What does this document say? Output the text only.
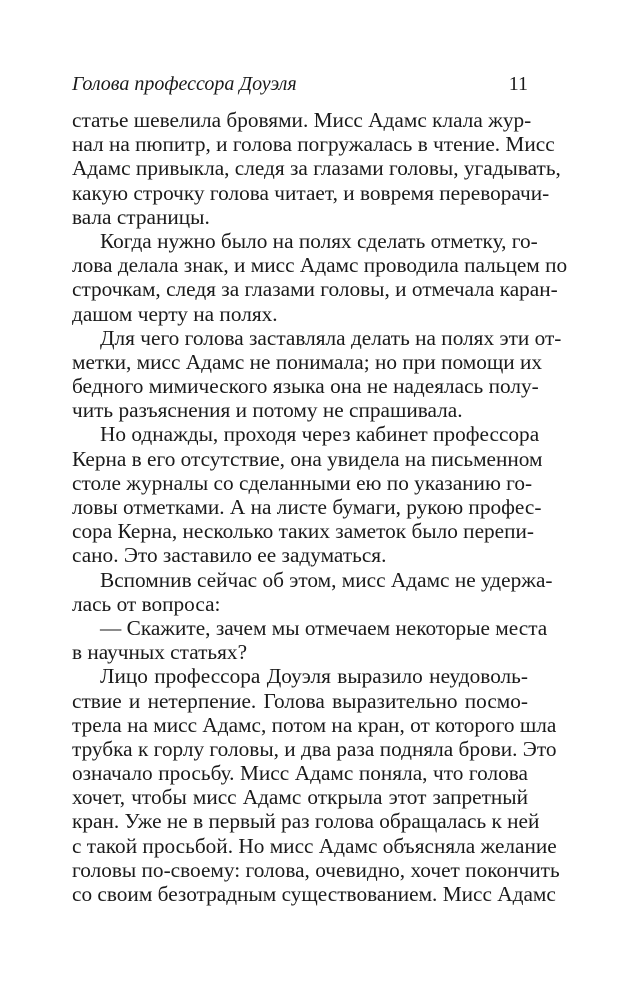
Голова профессора Доуэля	11
статье шевелила бровями. Мисс Адамс клала жур-
нал на пюпитр, и голова погружалась в чтение. Мисс
Адамс привыкла, следя за глазами головы, угадывать,
какую строчку голова читает, и вовремя переворачи-
вала страницы.
Когда нужно было на полях сделать отметку, го-
лова делала знак, и мисс Адамс проводила пальцем по
строчкам, следя за глазами головы, и отмечала каран-
дашом черту на полях.
Для чего голова заставляла делать на полях эти от-
метки, мисс Адамс не понимала; но при помощи их
бедного мимического языка она не надеялась полу-
чить разъяснения и потому не спрашивала.
Но однажды, проходя через кабинет профессора
Керна в его отсутствие, она увидела на письменном
столе журналы со сделанными ею по указанию го-
ловы отметками. А на листе бумаги, рукою профес-
сора Керна, несколько таких заметок было перепи-
сано. Это заставило ее задуматься.
Вспомнив сейчас об этом, мисс Адамс не удержа-
лась от вопроса:
— Скажите, зачем мы отмечаем некоторые места
в научных статьях?
Лицо профессора Доуэля выразило неудоволь-
ствие и нетерпение. Голова выразительно посмо-
трела на мисс Адамс, потом на кран, от которого шла
трубка к горлу головы, и два раза подняла брови. Это
означало просьбу. Мисс Адамс поняла, что голова
хочет, чтобы мисс Адамс открыла этот запретный
кран. Уже не в первый раз голова обращалась к ней
с такой просьбой. Но мисс Адамс объясняла желание
головы по-своему: голова, очевидно, хочет покончить
со своим безотрадным существованием. Мисс Адамс
